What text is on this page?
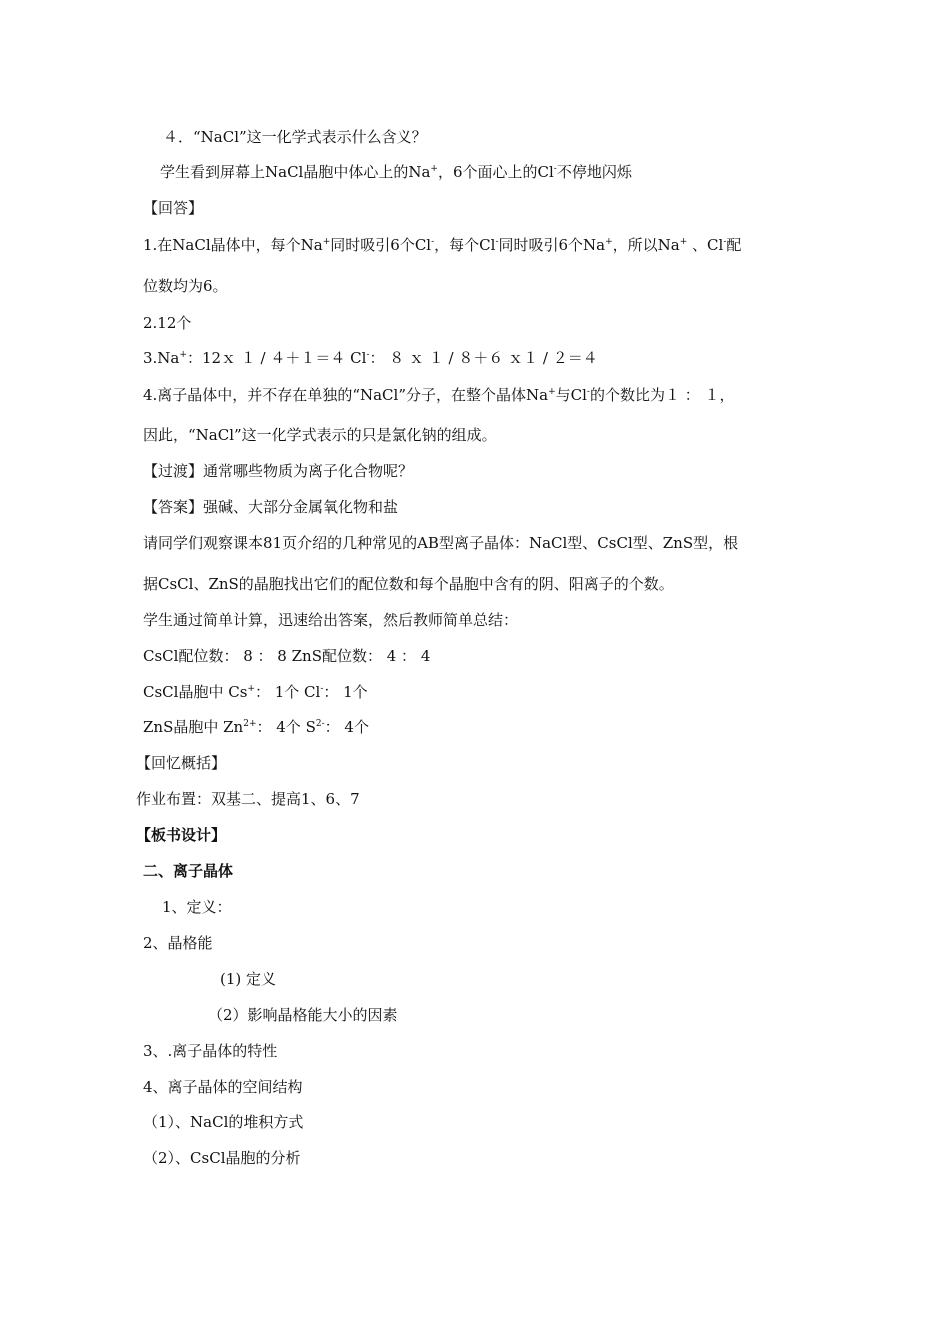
４．“NaCl”这一化学式表示什么含义？
学生看到屏幕上NaCl晶胞中体心上的Na+，6个面心上的Cl-不停地闪烁
【回答】
1.在NaCl晶体中，每个Na+同时吸引6个Cl-，每个Cl-同时吸引6个Na+，所以Na+ 、Cl-配
位数均为6。
2.12个
3.Na+：12ｘ １ / ４＋１＝４ Cl-： ８ ｘ １ / ８＋６ ｘ１ / ２＝４
4.离子晶体中，并不存在单独的“NaCl”分子，在整个晶体Na+与Cl-的个数比为１ ： １，
因此，“NaCl”这一化学式表示的只是氯化钠的组成。
【过渡】通常哪些物质为离子化合物呢？
【答案】强碱、大部分金属氧化物和盐
请同学们观察课本81页介绍的几种常见的AB型离子晶体：NaCl型、CsCl型、ZnS型，根
据CsCl、ZnS的晶胞找出它们的配位数和每个晶胞中含有的阴、阳离子的个数。
学生通过简单计算，迅速给出答案，然后教师简单总结：
CsCl配位数： 8 ： 8 ZnS配位数： 4 ： 4
CsCl晶胞中 Cs+： 1个 Cl-： 1个
ZnS晶胞中 $Zn^{2+}$： 4个 $S^{2-}$： 4个
【回忆概括】
作业布置：双基二、提高1、6、7
【板书设计】
二、离子晶体
1、定义：
2、晶格能
(1) 定义
（2）影响晶格能大小的因素
3、.离子晶体的特性
4、离子晶体的空间结构
（1）、NaCl的堆积方式
（2）、CsCl晶胞的分析
